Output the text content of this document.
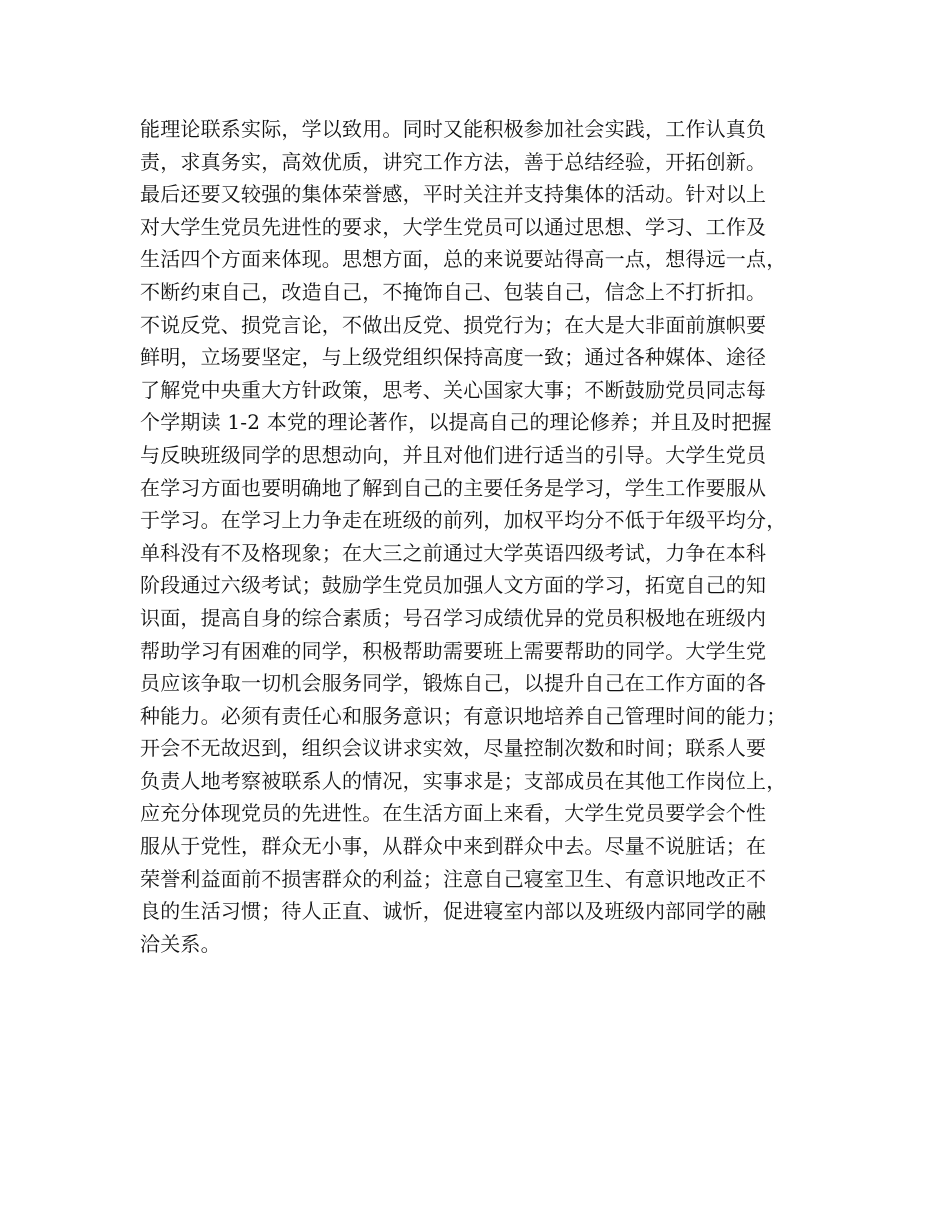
能理论联系实际，学以致用。同时又能积极参加社会实践，工作认真负
责，求真务实，高效优质，讲究工作方法，善于总结经验，开拓创新。
最后还要又较强的集体荣誉感，平时关注并支持集体的活动。针对以上
对大学生党员先进性的要求，大学生党员可以通过思想、学习、工作及
生活四个方面来体现。思想方面，总的来说要站得高一点，想得远一点，
不断约束自己，改造自己，不掩饰自己、包装自己，信念上不打折扣。
不说反党、损党言论，不做出反党、损党行为；在大是大非面前旗帜要
鲜明，立场要坚定，与上级党组织保持高度一致；通过各种媒体、途径
了解党中央重大方针政策，思考、关心国家大事；不断鼓励党员同志每
个学期读 1-2 本党的理论著作，以提高自己的理论修养；并且及时把握
与反映班级同学的思想动向，并且对他们进行适当的引导。大学生党员
在学习方面也要明确地了解到自己的主要任务是学习，学生工作要服从
于学习。在学习上力争走在班级的前列，加权平均分不低于年级平均分，
单科没有不及格现象；在大三之前通过大学英语四级考试，力争在本科
阶段通过六级考试；鼓励学生党员加强人文方面的学习，拓宽自己的知
识面，提高自身的综合素质；号召学习成绩优异的党员积极地在班级内
帮助学习有困难的同学，积极帮助需要班上需要帮助的同学。大学生党
员应该争取一切机会服务同学，锻炼自己，以提升自己在工作方面的各
种能力。必须有责任心和服务意识；有意识地培养自己管理时间的能力；
开会不无故迟到，组织会议讲求实效，尽量控制次数和时间；联系人要
负责人地考察被联系人的情况，实事求是；支部成员在其他工作岗位上，
应充分体现党员的先进性。在生活方面上来看，大学生党员要学会个性
服从于党性，群众无小事，从群众中来到群众中去。尽量不说脏话；在
荣誉利益面前不损害群众的利益；注意自己寝室卫生、有意识地改正不
良的生活习惯；待人正直、诚忻，促进寝室内部以及班级内部同学的融
洽关系。
